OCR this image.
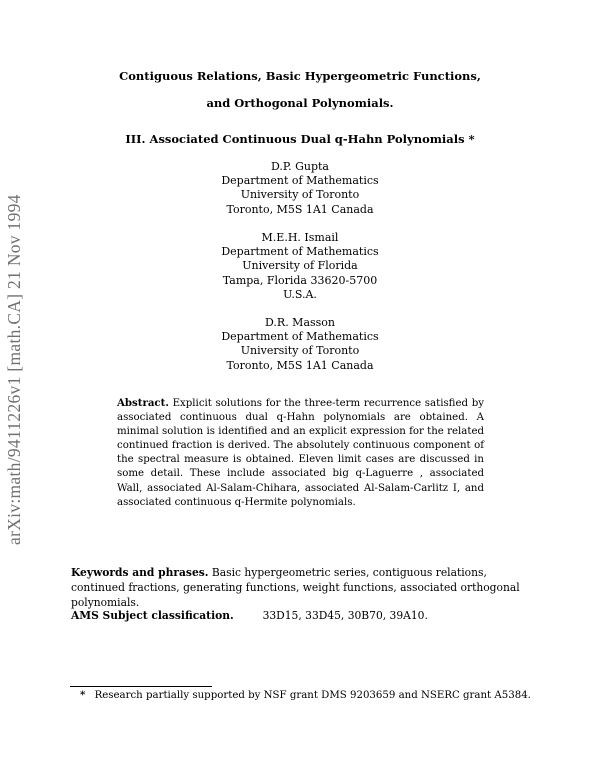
arXiv:math/9411226v1 [math.CA] 21 Nov 1994
Contiguous Relations, Basic Hypergeometric Functions,
and Orthogonal Polynomials.
III. Associated Continuous Dual q-Hahn Polynomials *
D.P. Gupta
Department of Mathematics
University of Toronto
Toronto, M5S 1A1 Canada
M.E.H. Ismail
Department of Mathematics
University of Florida
Tampa, Florida 33620-5700
U.S.A.
D.R. Masson
Department of Mathematics
University of Toronto
Toronto, M5S 1A1 Canada
Abstract. Explicit solutions for the three-term recurrence satisfied by associated continuous dual q-Hahn polynomials are obtained. A minimal solution is identified and an explicit expression for the related continued fraction is derived. The absolutely continuous component of the spectral measure is obtained. Eleven limit cases are discussed in some detail. These include associated big q-Laguerre , associated Wall, associated Al-Salam-Chihara, associated Al-Salam-Carlitz I, and associated continuous q-Hermite polynomials.
Keywords and phrases. Basic hypergeometric series, contiguous relations, continued fractions, generating functions, weight functions, associated orthogonal polynomials.
AMS Subject classification.	33D15, 33D45, 30B70, 39A10.
* Research partially supported by NSF grant DMS 9203659 and NSERC grant A5384.
